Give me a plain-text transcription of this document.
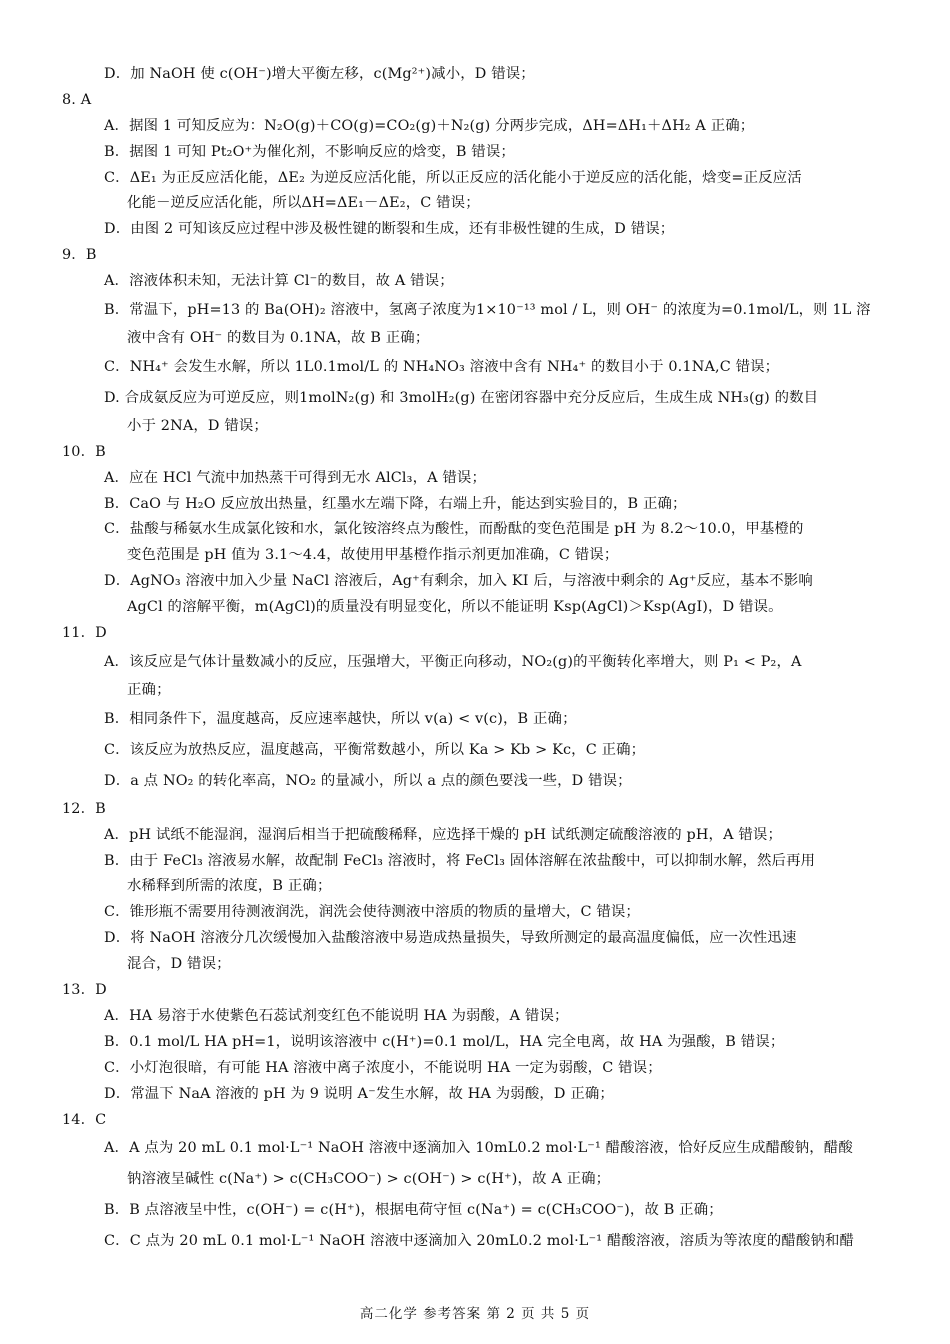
D．加 NaOH 使 c(OH⁻)增大平衡左移，c(Mg²⁺)减小，D 错误；
8. A
A．据图 1 可知反应为：N₂O(g)＋CO(g)=CO₂(g)＋N₂(g) 分两步完成，ΔH=ΔH₁＋ΔH₂ A 正确；
B．据图 1 可知 Pt₂O⁺为催化剂，不影响反应的焓变，B 错误；
C．ΔE₁ 为正反应活化能，ΔE₂ 为逆反应活化能，所以正反应的活化能小于逆反应的活化能，焓变=正反应活
化能－逆反应活化能，所以ΔH=ΔE₁－ΔE₂，C 错误；
D．由图 2 可知该反应过程中涉及极性键的断裂和生成，还有非极性键的生成，D 错误；
9．B
A．溶液体积未知，无法计算 Cl⁻的数目，故 A 错误；
B．常温下，pH=13 的 Ba(OH)₂ 溶液中，氢离子浓度为1×10⁻¹³ mol / L，则 OH⁻ 的浓度为=0.1mol/L，则 1L 溶
液中含有 OH⁻ 的数目为 0.1NA，故 B 正确；
C．NH₄⁺ 会发生水解，所以 1L0.1mol/L 的 NH₄NO₃ 溶液中含有 NH₄⁺ 的数目小于 0.1NA,C 错误；
D. 合成氨反应为可逆反应，则1molN₂(g) 和 3molH₂(g) 在密闭容器中充分反应后，生成生成 NH₃(g) 的数目
小于 2NA，D 错误；
10．B
A．应在 HCl 气流中加热蒸干可得到无水 AlCl₃，A 错误；
B．CaO 与 H₂O 反应放出热量，红墨水左端下降，右端上升，能达到实验目的，B 正确；
C．盐酸与稀氨水生成氯化铵和水，氯化铵溶终点为酸性，而酚酞的变色范围是 pH 为 8.2～10.0，甲基橙的
变色范围是 pH 值为 3.1～4.4，故使用甲基橙作指示剂更加准确，C 错误；
D．AgNO₃ 溶液中加入少量 NaCl 溶液后，Ag⁺有剩余，加入 KI 后，与溶液中剩余的 Ag⁺反应，基本不影响
AgCl 的溶解平衡，m(AgCl)的质量没有明显变化，所以不能证明 Ksp(AgCl)＞Ksp(AgI)，D 错误。
11．D
A．该反应是气体计量数减小的反应，压强增大，平衡正向移动，NO₂(g)的平衡转化率增大，则 P₁ < P₂，A
正确；
B．相同条件下，温度越高，反应速率越快，所以 v(a) < v(c)，B 正确；
C．该反应为放热反应，温度越高，平衡常数越小，所以 Ka > Kb > Kc，C 正确；
D．a 点 NO₂ 的转化率高，NO₂ 的量减小，所以 a 点的颜色要浅一些，D 错误；
12．B
A．pH 试纸不能湿润，湿润后相当于把硫酸稀释，应选择干燥的 pH 试纸测定硫酸溶液的 pH，A 错误；
B．由于 FeCl₃ 溶液易水解，故配制 FeCl₃ 溶液时，将 FeCl₃ 固体溶解在浓盐酸中，可以抑制水解，然后再用
水稀释到所需的浓度，B 正确；
C．锥形瓶不需要用待测液润洗，润洗会使待测液中溶质的物质的量增大，C 错误；
D．将 NaOH 溶液分几次缓慢加入盐酸溶液中易造成热量损失，导致所测定的最高温度偏低，应一次性迅速
混合，D 错误；
13．D
A．HA 易溶于水使紫色石蕊试剂变红色不能说明 HA 为弱酸，A 错误；
B．0.1 mol/L HA pH=1，说明该溶液中 c(H⁺)=0.1 mol/L，HA 完全电离，故 HA 为强酸，B 错误；
C．小灯泡很暗，有可能 HA 溶液中离子浓度小，不能说明 HA 一定为弱酸，C 错误；
D．常温下 NaA 溶液的 pH 为 9 说明 A⁻发生水解，故 HA 为弱酸，D 正确；
14．C
A．A 点为 20 mL 0.1 mol·L⁻¹ NaOH 溶液中逐滴加入 10mL0.2 mol·L⁻¹ 醋酸溶液，恰好反应生成醋酸钠，醋酸
钠溶液呈碱性 c(Na⁺) > c(CH₃COO⁻) > c(OH⁻) > c(H⁺)，故 A 正确；
B．B 点溶液呈中性，c(OH⁻) = c(H⁺)，根据电荷守恒 c(Na⁺) = c(CH₃COO⁻)，故 B 正确；
C．C 点为 20 mL 0.1 mol·L⁻¹ NaOH 溶液中逐滴加入 20mL0.2 mol·L⁻¹ 醋酸溶液，溶质为等浓度的醋酸钠和醋
高二化学 参考答案 第 2 页 共 5 页
